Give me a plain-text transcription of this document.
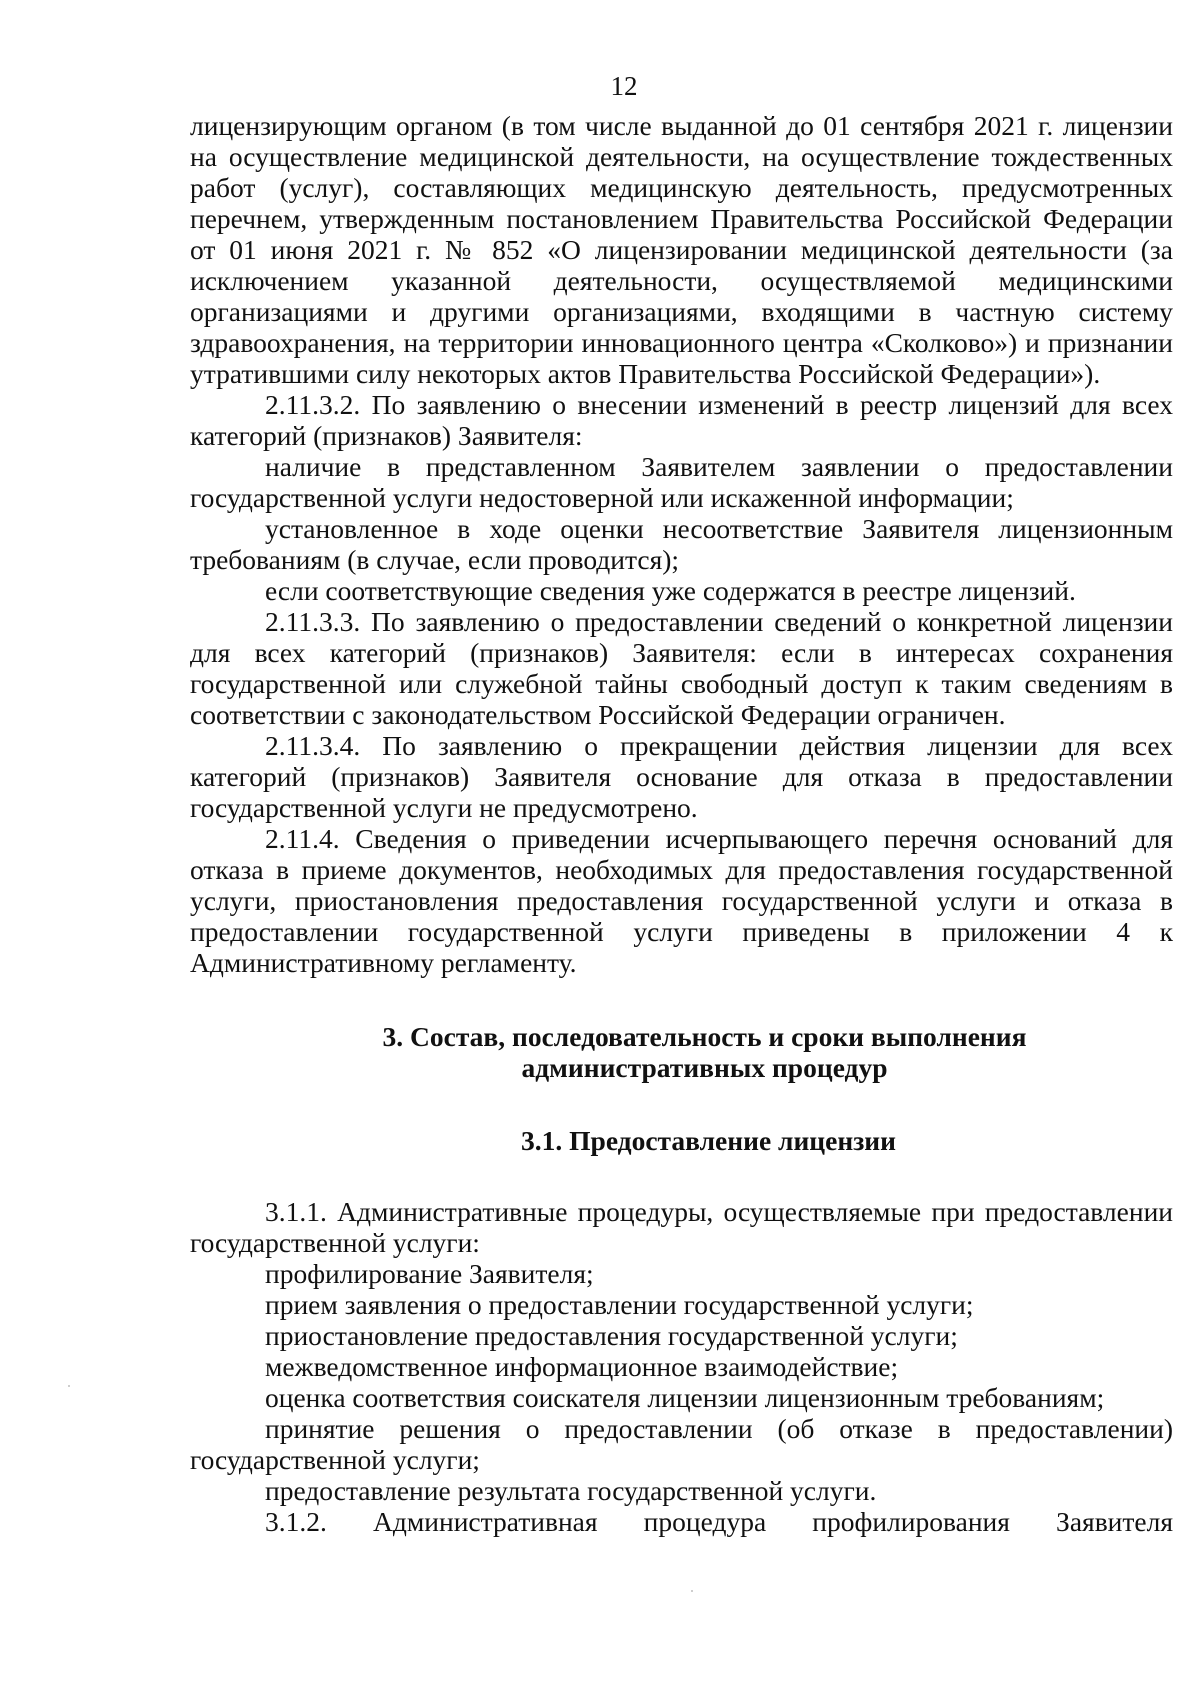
12

лицензирующим органом (в том числе выданной до 01 сентября 2021 г. лицензии на осуществление медицинской деятельности, на осуществление тождественных работ (услуг), составляющих медицинскую деятельность, предусмотренных перечнем, утвержденным постановлением Правительства Российской Федерации от 01 июня 2021 г. № 852 «О лицензировании медицинской деятельности (за исключением указанной деятельности, осуществляемой медицинскими организациями и другими организациями, входящими в частную систему здравоохранения, на территории инновационного центра «Сколково») и признании утратившими силу некоторых актов Правительства Российской Федерации»).

2.11.3.2. По заявлению о внесении изменений в реестр лицензий для всех категорий (признаков) Заявителя:

наличие в представленном Заявителем заявлении о предоставлении государственной услуги недостоверной или искаженной информации;

установленное в ходе оценки несоответствие Заявителя лицензионным требованиям (в случае, если проводится);

если соответствующие сведения уже содержатся в реестре лицензий.

2.11.3.3. По заявлению о предоставлении сведений о конкретной лицензии для всех категорий (признаков) Заявителя: если в интересах сохранения государственной или служебной тайны свободный доступ к таким сведениям в соответствии с законодательством Российской Федерации ограничен.

2.11.3.4. По заявлению о прекращении действия лицензии для всех категорий (признаков) Заявителя основание для отказа в предоставлении государственной услуги не предусмотрено.

2.11.4. Сведения о приведении исчерпывающего перечня оснований для отказа в приеме документов, необходимых для предоставления государственной услуги, приостановления предоставления государственной услуги и отказа в предоставлении государственной услуги приведены в приложении 4 к Административному регламенту.

3. Состав, последовательность и сроки выполнения
административных процедур

3.1. Предоставление лицензии

3.1.1. Административные процедуры, осуществляемые при предоставлении государственной услуги:

профилирование Заявителя;

прием заявления о предоставлении государственной услуги;

приостановление предоставления государственной услуги;

межведомственное информационное взаимодействие;

оценка соответствия соискателя лицензии лицензионным требованиям;

принятие решения о предоставлении (об отказе в предоставлении) государственной услуги;

предоставление результата государственной услуги.

3.1.2. Административная процедура профилирования Заявителя
